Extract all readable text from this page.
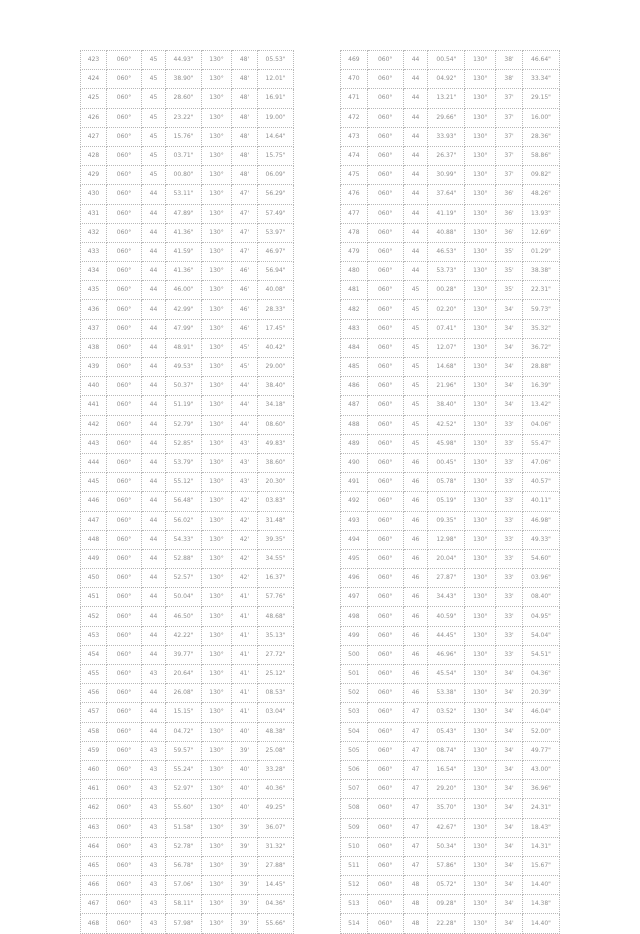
423	060°	45	44.93"	130°	48'	05.53"
424	060°	45	38.90"	130°	48'	12.01"
425	060°	45	28.60"	130°	48'	16.91"
426	060°	45	23.22"	130°	48'	19.00"
427	060°	45	15.76"	130°	48'	14.64"
428	060°	45	03.71"	130°	48'	15.75"
429	060°	45	00.80"	130°	48'	06.09"
430	060°	44	53.11"	130°	47'	56.29"
431	060°	44	47.89"	130°	47'	57.49"
432	060°	44	41.36"	130°	47'	53.97"
433	060°	44	41.59"	130°	47'	46.97"
434	060°	44	41.36"	130°	46'	56.94"
435	060°	44	46.00"	130°	46'	40.08"
436	060°	44	42.99"	130°	46'	28.33"
437	060°	44	47.99"	130°	46'	17.45"
438	060°	44	48.91"	130°	45'	40.42"
439	060°	44	49.53"	130°	45'	29.00"
440	060°	44	50.37"	130°	44'	38.40"
441	060°	44	51.19"	130°	44'	34.18"
442	060°	44	52.79"	130°	44'	08.60"
443	060°	44	52.85"	130°	43'	49.83"
444	060°	44	53.79"	130°	43'	38.60"
445	060°	44	55.12"	130°	43'	20.30"
446	060°	44	56.48"	130°	42'	03.83"
447	060°	44	56.02"	130°	42'	31.48"
448	060°	44	54.33"	130°	42'	39.35"
449	060°	44	52.88"	130°	42'	34.55"
450	060°	44	52.57"	130°	42'	16.37"
451	060°	44	50.04"	130°	41'	57.76"
452	060°	44	46.50"	130°	41'	48.68"
453	060°	44	42.22"	130°	41'	35.13"
454	060°	44	39.77"	130°	41'	27.72"
455	060°	43	20.64"	130°	41'	25.12"
456	060°	44	26.08"	130°	41'	08.53"
457	060°	44	15.15"	130°	41'	03.04"
458	060°	44	04.72"	130°	40'	48.38"
459	060°	43	59.57"	130°	39'	25.08"
460	060°	43	55.24"	130°	40'	33.28"
461	060°	43	52.97"	130°	40'	40.36"
462	060°	43	55.60"	130°	40'	49.25"
463	060°	43	51.58"	130°	39'	36.07"
464	060°	43	52.78"	130°	39'	31.32"
465	060°	43	56.78"	130°	39'	27.88"
466	060°	43	57.06"	130°	39'	14.45"
467	060°	43	58.11"	130°	39'	04.36"
468	060°	43	57.98"	130°	39'	55.66"
469	060°	44	00.54"	130°	38'	46.64"
470	060°	44	04.92"	130°	38'	33.34"
471	060°	44	13.21"	130°	37'	29.15"
472	060°	44	29.66"	130°	37'	16.00"
473	060°	44	33.93"	130°	37'	28.36"
474	060°	44	26.37"	130°	37'	58.86"
475	060°	44	30.99"	130°	37'	09.82"
476	060°	44	37.64"	130°	36'	48.26"
477	060°	44	41.19"	130°	36'	13.93"
478	060°	44	40.88"	130°	36'	12.69"
479	060°	44	46.53"	130°	35'	01.29"
480	060°	44	53.73"	130°	35'	38.38"
481	060°	45	00.28"	130°	35'	22.31"
482	060°	45	02.20"	130°	34'	59.73"
483	060°	45	07.41"	130°	34'	35.32"
484	060°	45	12.07"	130°	34'	36.72"
485	060°	45	14.68"	130°	34'	28.88"
486	060°	45	21.96"	130°	34'	16.39"
487	060°	45	38.40"	130°	34'	13.42"
488	060°	45	42.52"	130°	33'	04.06"
489	060°	45	45.98"	130°	33'	55.47"
490	060°	46	00.45"	130°	33'	47.06"
491	060°	46	05.78"	130°	33'	40.57"
492	060°	46	05.19"	130°	33'	40.11"
493	060°	46	09.35"	130°	33'	46.98"
494	060°	46	12.98"	130°	33'	49.33"
495	060°	46	20.04"	130°	33'	54.60"
496	060°	46	27.87"	130°	33'	03.96"
497	060°	46	34.43"	130°	33'	08.40"
498	060°	46	40.59"	130°	33'	04.95"
499	060°	46	44.45"	130°	33'	54.04"
500	060°	46	46.96"	130°	33'	54.51"
501	060°	46	45.54"	130°	34'	04.36"
502	060°	46	53.38"	130°	34'	20.39"
503	060°	47	03.52"	130°	34'	46.04"
504	060°	47	05.43"	130°	34'	52.00"
505	060°	47	08.74"	130°	34'	49.77"
506	060°	47	16.54"	130°	34'	43.00"
507	060°	47	29.20"	130°	34'	36.96"
508	060°	47	35.70"	130°	34'	24.31"
509	060°	47	42.67"	130°	34'	18.43"
510	060°	47	50.34"	130°	34'	14.31"
511	060°	47	57.86"	130°	34'	15.67"
512	060°	48	05.72"	130°	34'	14.40"
513	060°	48	09.28"	130°	34'	14.38"
514	060°	48	22.28"	130°	34'	14.40"
